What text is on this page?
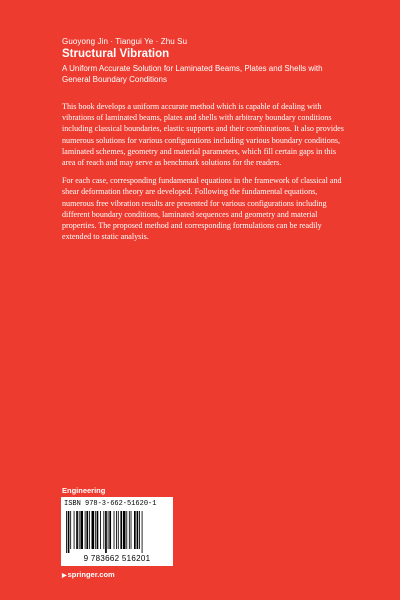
Guoyong Jin · Tiangui Ye · Zhu Su
Structural Vibration
A Uniform Accurate Solution for Laminated Beams, Plates and Shells with General Boundary Conditions

This book develops a uniform accurate method which is capable of dealing with vibrations of laminated beams, plates and shells with arbitrary boundary conditions including classical boundaries, elastic supports and their combinations. It also provides numerous solutions for various configurations including various boundary conditions, laminated schemes, geometry and material parameters, which fill certain gaps in this area of reach and may serve as benchmark solutions for the readers.

For each case, corresponding fundamental equations in the framework of classical and shear deformation theory are developed. Following the fundamental equations, numerous free vibration results are presented for various configurations including different boundary conditions, laminated sequences and geometry and material properties. The proposed method and corresponding formulations can be readily extended to static analysis.

Engineering
ISBN 978-3-662-51620-1
9 783662 516201
▶springer.com
